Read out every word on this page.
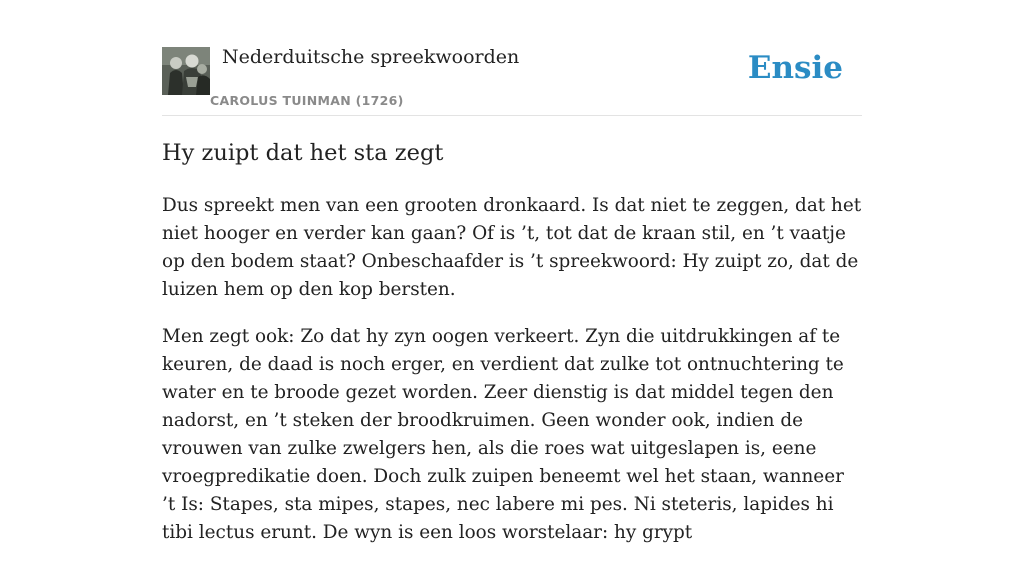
Nederduitsche spreekwoorden
CAROLUS TUINMAN (1726)
Ensie
Hy zuipt dat het sta zegt

Dus spreekt men van een grooten dronkaard. Is dat niet te zeggen, dat het niet hooger en verder kan gaan? Of is ’t, tot dat de kraan stil, en ’t vaatje op den bodem staat? Onbeschaafder is ’t spreekwoord: Hy zuipt zo, dat de luizen hem op den kop bersten.

Men zegt ook: Zo dat hy zyn oogen verkeert. Zyn die uitdrukkingen af te keuren, de daad is noch erger, en verdient dat zulke tot ontnuchtering te water en te broode gezet worden. Zeer dienstig is dat middel tegen den nadorst, en ’t steken der broodkruimen. Geen wonder ook, indien de vrouwen van zulke zwelgers hen, als die roes wat uitgeslapen is, eene vroegpredikatie doen. Doch zulk zuipen beneemt wel het staan, wanneer ’t Is: Stapes, sta mipes, stapes, nec labere mi pes. Ni steteris, lapides hi tibi lectus erunt. De wyn is een loos worstelaar: hy grypt
